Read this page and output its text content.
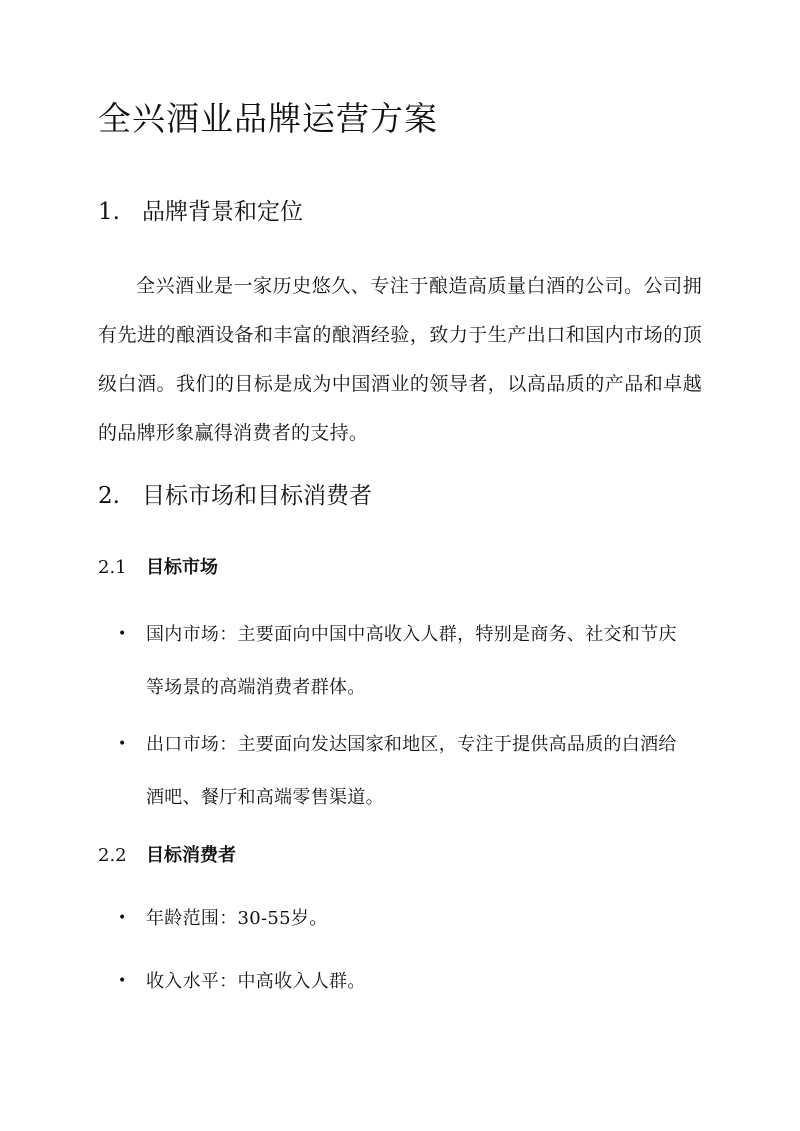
全兴酒业品牌运营方案
1. 品牌背景和定位

全兴酒业是一家历史悠久、专注于酿造高质量白酒的公司。公司拥有先进的酿酒设备和丰富的酿酒经验，致力于生产出口和国内市场的顶级白酒。我们的目标是成为中国酒业的领导者，以高品质的产品和卓越的品牌形象赢得消费者的支持。

2. 目标市场和目标消费者
2.1 目标市场
• 国内市场：主要面向中国中高收入人群，特别是商务、社交和节庆等场景的高端消费者群体。
• 出口市场：主要面向发达国家和地区，专注于提供高品质的白酒给酒吧、餐厅和高端零售渠道。
2.2 目标消费者
• 年龄范围：30-55岁。
• 收入水平：中高收入人群。
